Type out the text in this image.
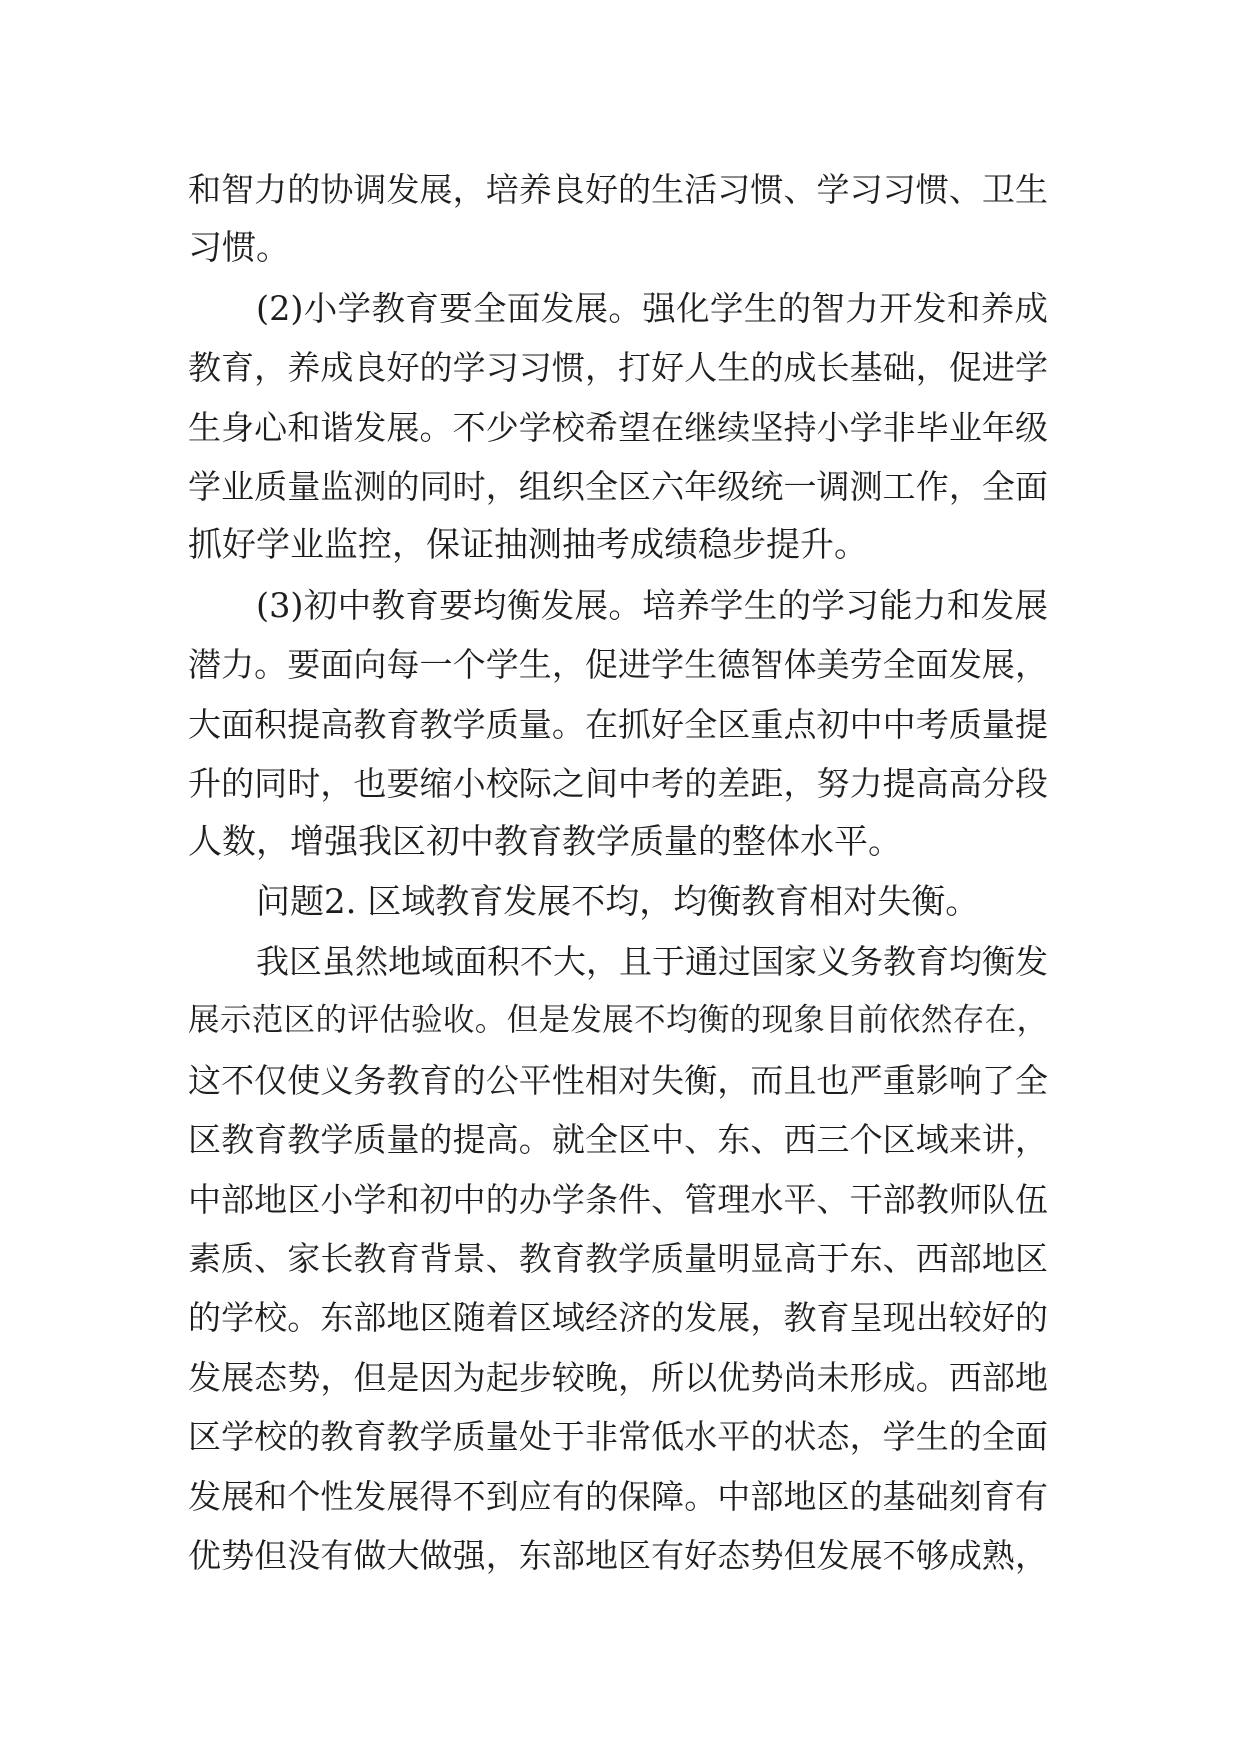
和智力的协调发展，培养良好的生活习惯、学习习惯、卫生
习惯。
(2)小学教育要全面发展。强化学生的智力开发和养成
教育，养成良好的学习习惯，打好人生的成长基础，促进学
生身心和谐发展。不少学校希望在继续坚持小学非毕业年级
学业质量监测的同时，组织全区六年级统一调测工作，全面
抓好学业监控，保证抽测抽考成绩稳步提升。
(3)初中教育要均衡发展。培养学生的学习能力和发展
潜力。要面向每一个学生，促进学生德智体美劳全面发展，
大面积提高教育教学质量。在抓好全区重点初中中考质量提
升的同时，也要缩小校际之间中考的差距，努力提高高分段
人数，增强我区初中教育教学质量的整体水平。
问题2. 区域教育发展不均，均衡教育相对失衡。
我区虽然地域面积不大，且于通过国家义务教育均衡发
展示范区的评估验收。但是发展不均衡的现象目前依然存在，
这不仅使义务教育的公平性相对失衡，而且也严重影响了全
区教育教学质量的提高。就全区中、东、西三个区域来讲，
中部地区小学和初中的办学条件、管理水平、干部教师队伍
素质、家长教育背景、教育教学质量明显高于东、西部地区
的学校。东部地区随着区域经济的发展，教育呈现出较好的
发展态势，但是因为起步较晚，所以优势尚未形成。西部地
区学校的教育教学质量处于非常低水平的状态，学生的全面
发展和个性发展得不到应有的保障。中部地区的基础刻育有
优势但没有做大做强，东部地区有好态势但发展不够成熟，
